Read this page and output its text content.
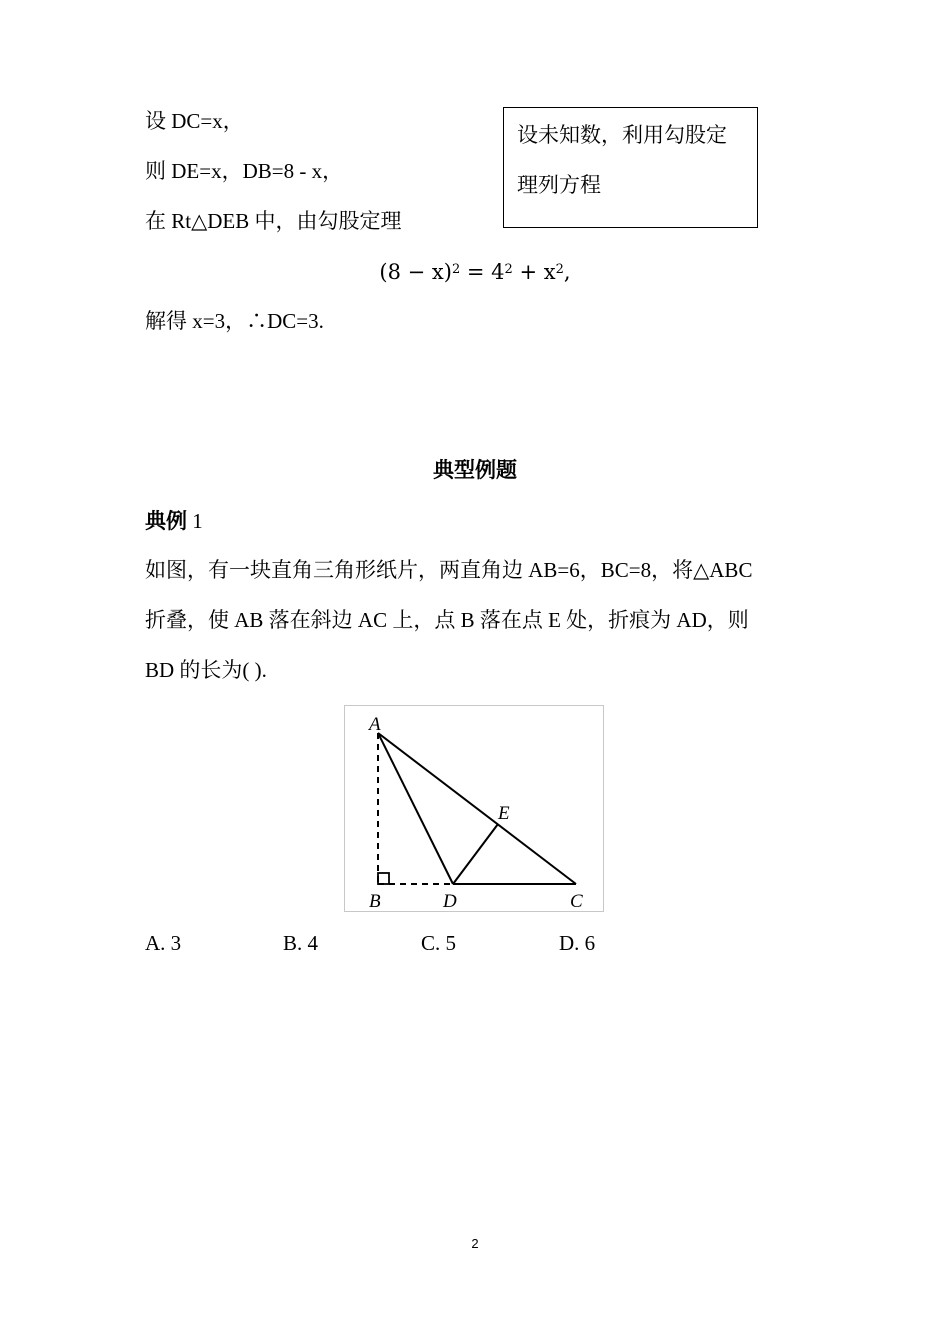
设 DC=x，
则 DE=x，DB=8 - x，
在 Rt△DEB 中，由勾股定理
设未知数，利用勾股定
理列方程
$(8 - x)^2 = 4^2 + x^2$,
解得 x=3，∴DC=3.
典型例题
典例 1
如图，有一块直角三角形纸片，两直角边 AB=6，BC=8，将△ABC
折叠，使 AB 落在斜边 AC 上，点 B 落在点 E 处，折痕为 AD，则
BD 的长为( ).
A
B	D	C
E
A. 3	B. 4	C. 5	D. 6
2
